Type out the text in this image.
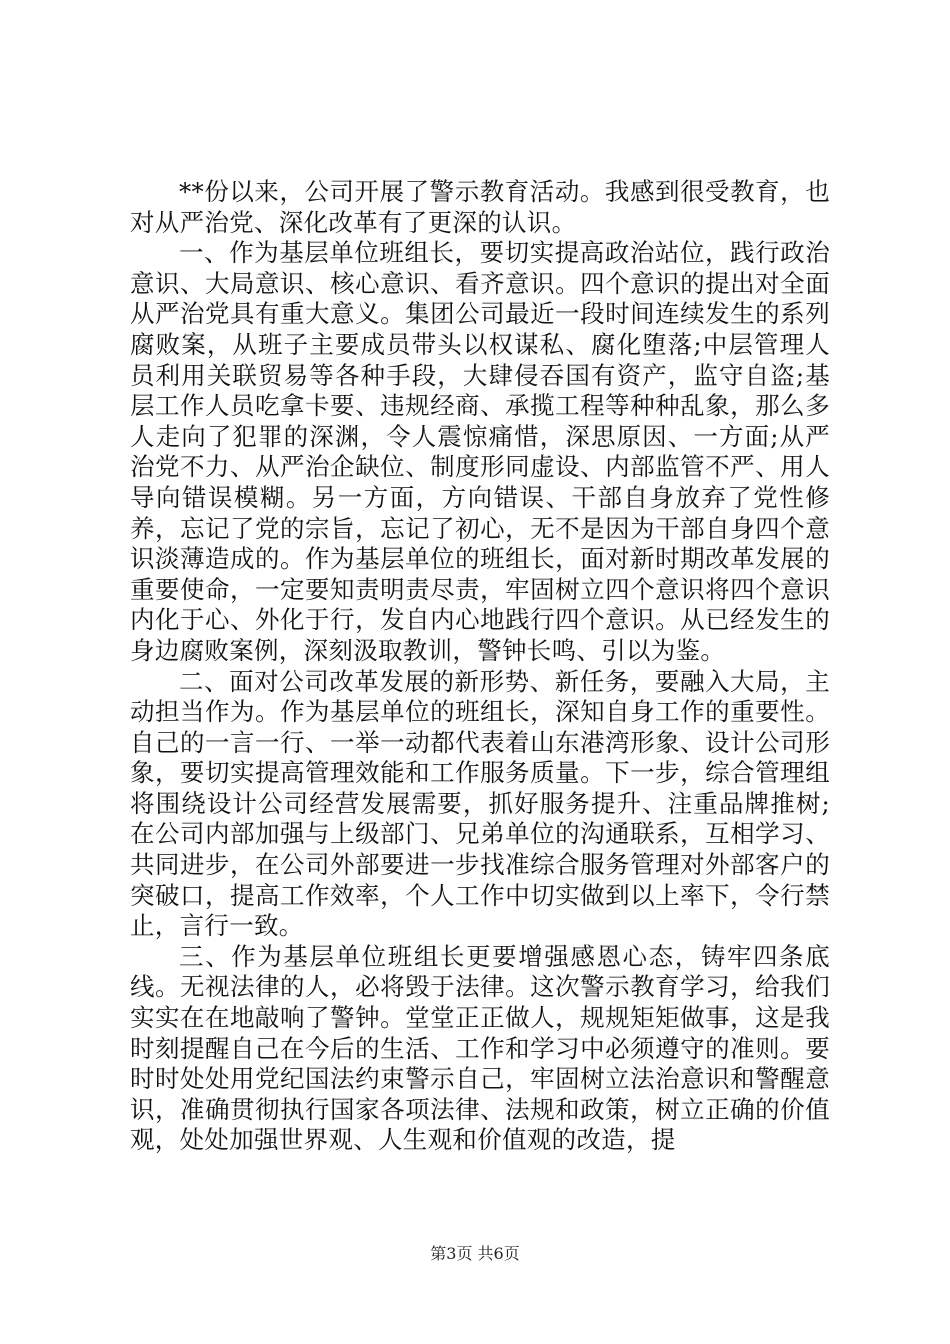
**份以来，公司开展了警示教育活动。我感到很受教育，也对从严治党、深化改革有了更深的认识。

一、作为基层单位班组长，要切实提高政治站位，践行政治意识、大局意识、核心意识、看齐意识。四个意识的提出对全面从严治党具有重大意义。集团公司最近一段时间连续发生的系列腐败案，从班子主要成员带头以权谋私、腐化堕落;中层管理人员利用关联贸易等各种手段，大肆侵吞国有资产，监守自盗;基层工作人员吃拿卡要、违规经商、承揽工程等种种乱象，那么多人走向了犯罪的深渊，令人震惊痛惜，深思原因、一方面;从严治党不力、从严治企缺位、制度形同虚设、内部监管不严、用人导向错误模糊。另一方面，方向错误、干部自身放弃了党性修养，忘记了党的宗旨，忘记了初心，无不是因为干部自身四个意识淡薄造成的。作为基层单位的班组长，面对新时期改革发展的重要使命，一定要知责明责尽责，牢固树立四个意识将四个意识内化于心、外化于行，发自内心地践行四个意识。从已经发生的身边腐败案例，深刻汲取教训，警钟长鸣、引以为鉴。

二、面对公司改革发展的新形势、新任务，要融入大局，主动担当作为。作为基层单位的班组长，深知自身工作的重要性。自己的一言一行、一举一动都代表着山东港湾形象、设计公司形象，要切实提高管理效能和工作服务质量。下一步，综合管理组将围绕设计公司经营发展需要，抓好服务提升、注重品牌推树;在公司内部加强与上级部门、兄弟单位的沟通联系，互相学习、共同进步，在公司外部要进一步找准综合服务管理对外部客户的突破口，提高工作效率，个人工作中切实做到以上率下，令行禁止，言行一致。

三、作为基层单位班组长更要增强感恩心态，铸牢四条底线。无视法律的人，必将毁于法律。这次警示教育学习，给我们实实在在地敲响了警钟。堂堂正正做人，规规矩矩做事，这是我时刻提醒自己在今后的生活、工作和学习中必须遵守的准则。要时时处处用党纪国法约束警示自己，牢固树立法治意识和警醒意识，准确贯彻执行国家各项法律、法规和政策，树立正确的价值观，处处加强世界观、人生观和价值观的改造，提

第3页 共6页
